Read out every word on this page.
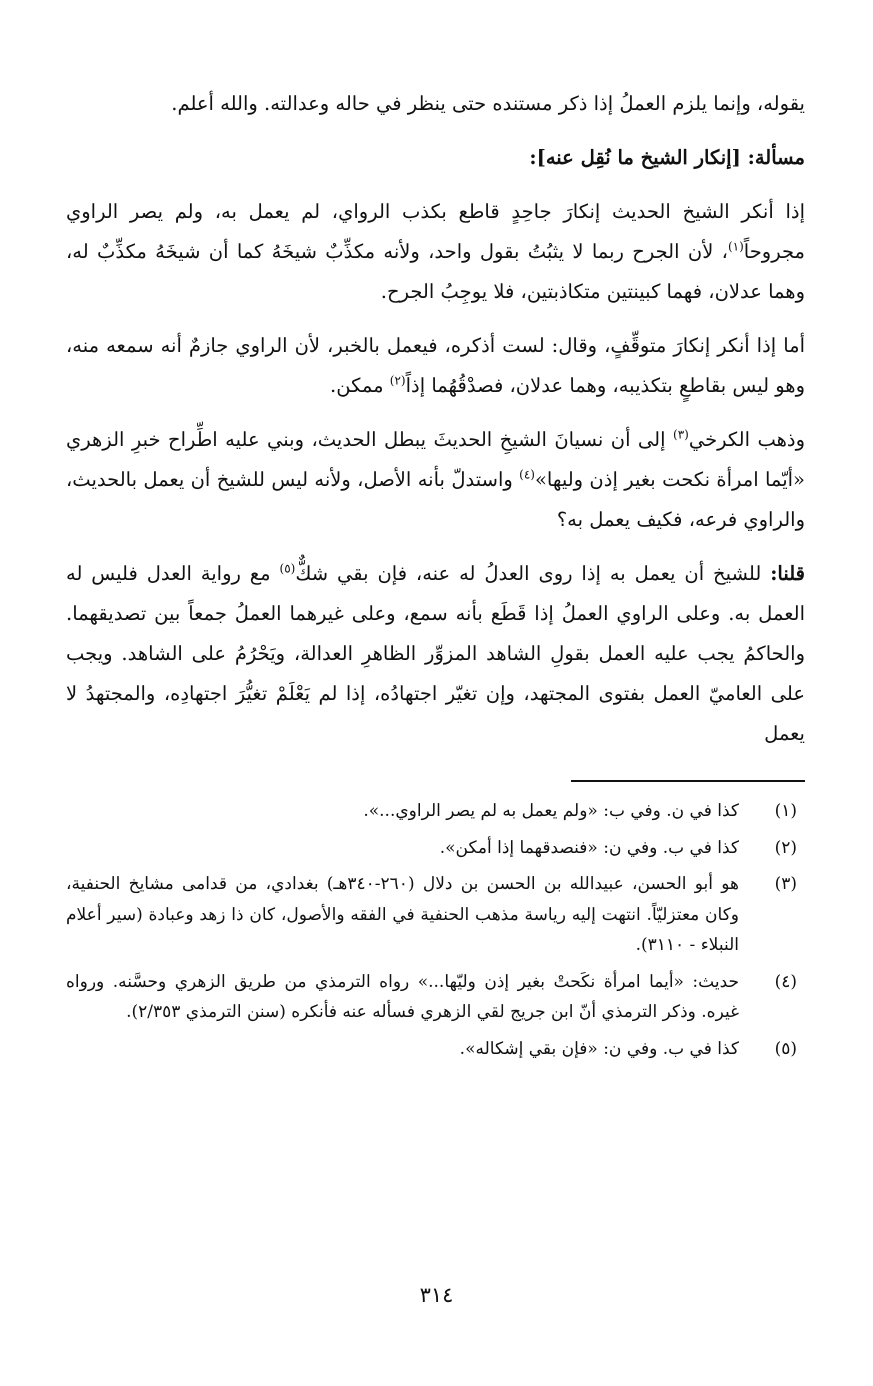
يقوله، وإنما يلزم العملُ إذا ذكر مستنده حتى ينظر في حاله وعدالته. والله أعلم.

مسألة: [إنكار الشيخ ما نُقِل عنه]:

إذا أنكر الشيخ الحديث إنكارَ جاحِدٍ قاطع بكذب الرواي، لم يعمل به، ولم يصر الراوي مجروحاً$^{(١)}$، لأن الجرح ربما لا يثبُتُ بقول واحد، ولأنه مكذِّبٌ شيخَهُ كما أن شيخَهُ مكذِّبٌ له، وهما عدلان، فهما كبينتين متكاذبتين، فلا يوجِبُ الجرح.

أما إذا أنكر إنكارَ متوقِّفٍ، وقال: لست أذكره، فيعمل بالخبر، لأن الراوي جازمٌ أنه سمعه منه، وهو ليس بقاطعٍ بتكذيبه، وهما عدلان، فصدْقُهُما إذاً$^{(٢)}$ ممكن.

وذهب الكرخي$^{(٣)}$ إلى أن نسيانَ الشيخِ الحديثَ يبطل الحديث، وبني عليه اطِّراح خبرِ الزهري «أيّما امرأة نكحت بغير إذن وليها»$^{(٤)}$ واستدلّ بأنه الأصل، ولأنه ليس للشيخ أن يعمل بالحديث، والراوي فرعه، فكيف يعمل به؟

قلنا: للشيخ أن يعمل به إذا روى العدلُ له عنه، فإن بقي شكٌّ$^{(٥)}$ مع رواية العدل فليس له العمل به. وعلى الراوي العملُ إذا قَطَع بأنه سمع، وعلى غيرهما العملُ جمعاً بين تصديقهما. والحاكمُ يجب عليه العمل بقولِ الشاهد المزوِّر الظاهرِ العدالة، ويَحْرُمُ على الشاهد. ويجب على العاميّ العمل بفتوى المجتهد، وإن تغيّر اجتهادُه، إذا لم يَعْلَمْ تغيُّرَ اجتهادِه، والمجتهدُ لا يعمل

(١)
كذا في ن. وفي ب: «ولم يعمل به لم يصر الراوي...».
(٢)
كذا في ب. وفي ن: «فنصدقهما إذا أمكن».
(٣)
هو أبو الحسن، عبيدالله بن الحسن بن دلال (٢٦٠-٣٤٠هـ) بغدادي، من قدامى مشايخ الحنفية، وكان معتزليّاً. انتهت إليه رياسة مذهب الحنفية في الفقه والأصول، كان ذا زهد وعبادة (سير أعلام النبلاء - ٣١١٠).
(٤)
حديث: «أيما امرأة نكَحتْ بغير إذن وليّها...» رواه الترمذي من طريق الزهري وحسَّنه. ورواه غيره. وذكر الترمذي أنّ ابن جريج لقي الزهري فسأله عنه فأنكره (سنن الترمذي ٢/٣٥٣).
(٥)
كذا في ب. وفي ن: «فإن بقي إشكاله».
٣١٤
